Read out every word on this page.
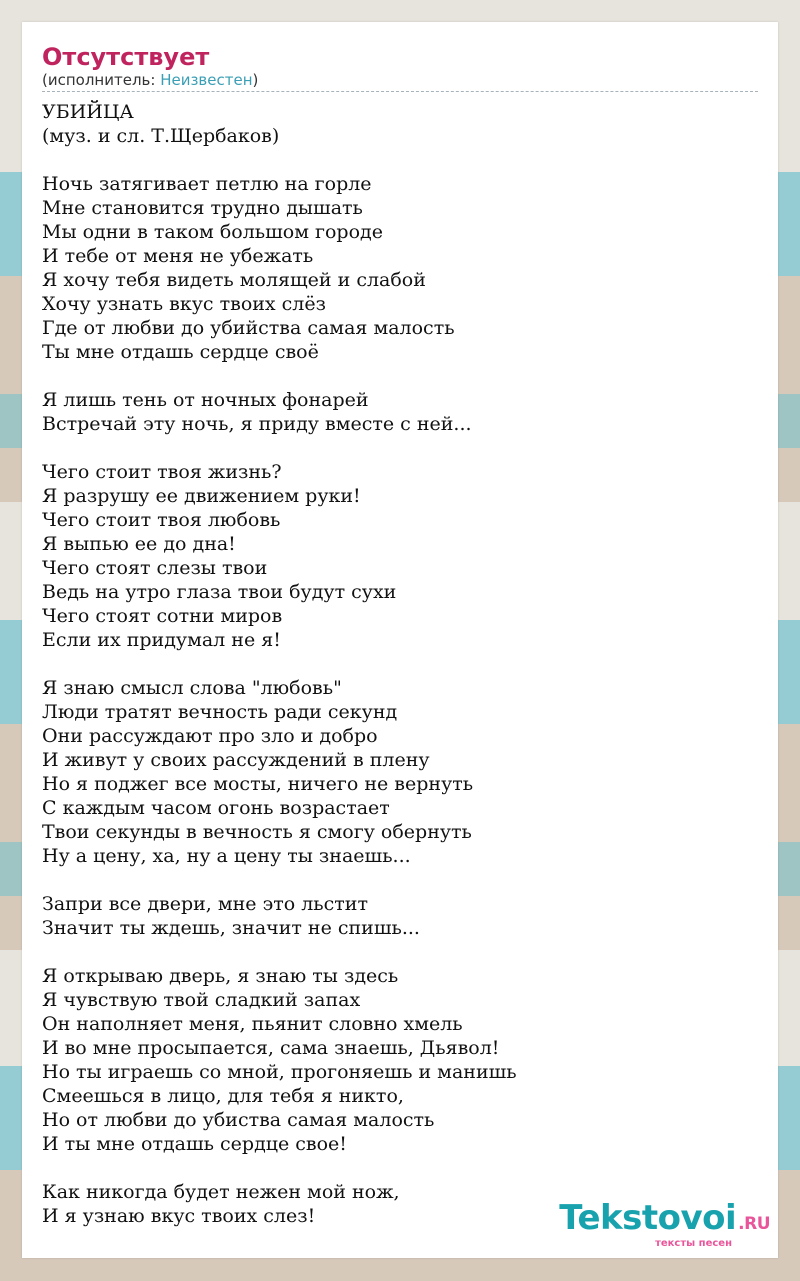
Отсутствует

(исполнитель: Неизвестен)

УБИЙЦА
(муз. и сл. Т.Щербаков)
Ночь затягивает петлю на горле
Мне становится трудно дышать
Мы одни в таком большом городе
И тебе от меня не убежать
Я хочу тебя видеть молящей и слабой
Хочу узнать вкус твоих слёз
Где от любви до убийства самая малость
Ты мне отдашь сердце своё
Я лишь тень от ночных фонарей
Встречай эту ночь, я приду вместе с ней...
Чего стоит твоя жизнь?
Я разрушу ее движением руки!
Чего стоит твоя любовь
Я выпью ее до дна!
Чего стоят слезы твои
Ведь на утро глаза твои будут сухи
Чего стоят сотни миров
Если их придумал не я!
Я знаю смысл слова "любовь"
Люди тратят вечность ради секунд
Они рассуждают про зло и добро
И живут у своих рассуждений в плену
Но я поджег все мосты, ничего не вернуть
С каждым часом огонь возрастает
Твои секунды в вечность я смогу обернуть
Ну а цену, ха, ну а цену ты знаешь...
Запри все двери, мне это льстит
Значит ты ждешь, значит не спишь...
Я открываю дверь, я знаю ты здесь
Я чувствую твой сладкий запах
Он наполняет меня, пьянит словно хмель
И во мне просыпается, сама знаешь, Дьявол!
Но ты играешь со мной, прогоняешь и манишь
Смеешься в лицо, для тебя я никто,
Но от любви до убиства самая малость
И ты мне отдашь сердце свое!
Как никогда будет нежен мой нож,
И я узнаю вкус твоих слез!	Tekstovoi .RU
тексты песен
